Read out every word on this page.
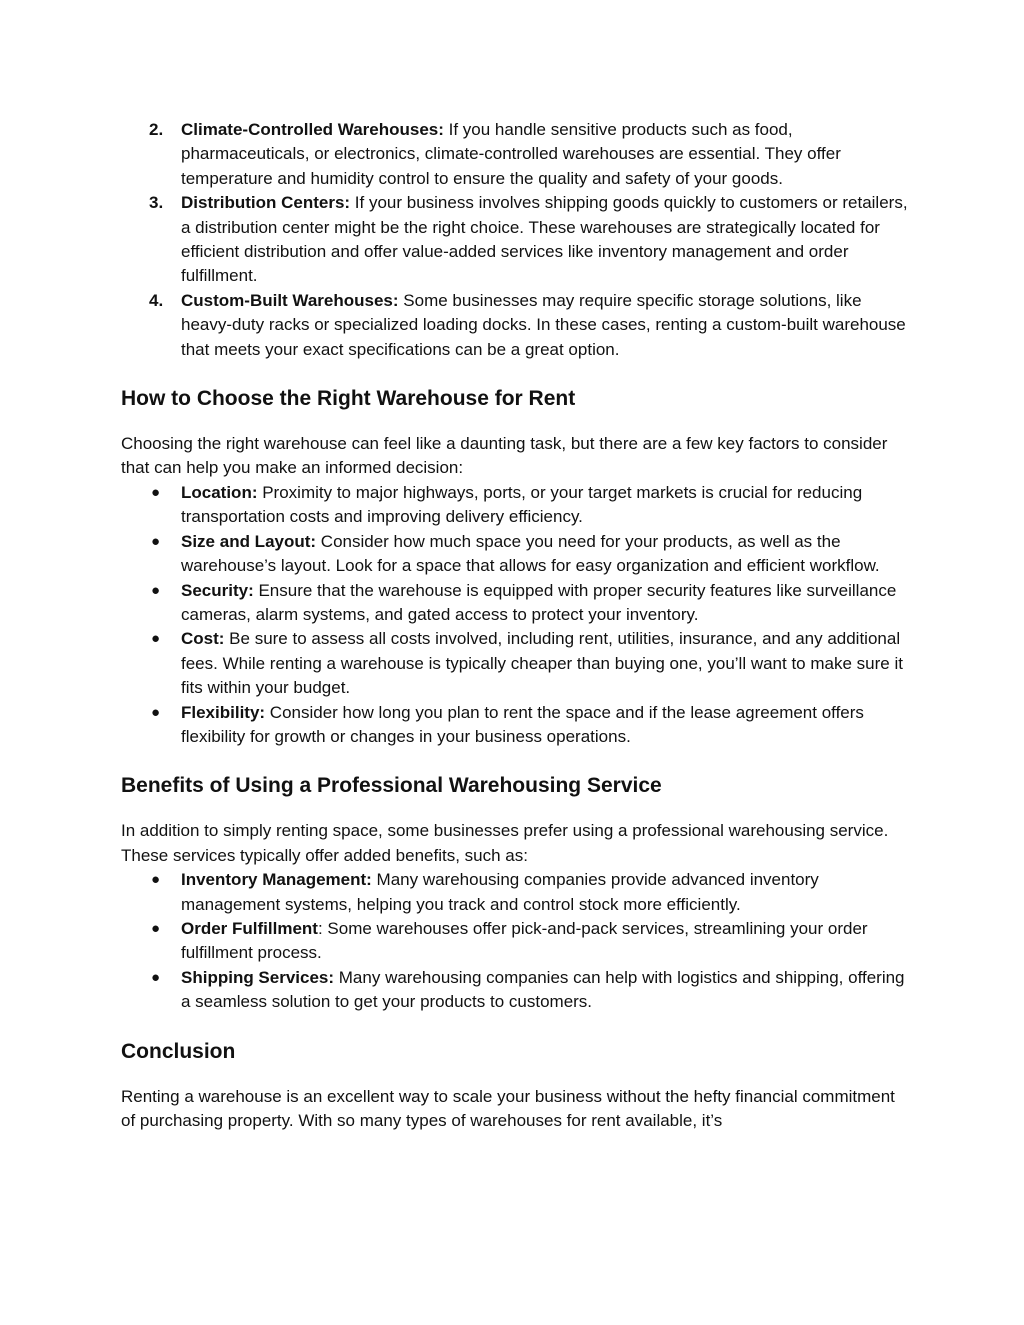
2. Climate-Controlled Warehouses: If you handle sensitive products such as food, pharmaceuticals, or electronics, climate-controlled warehouses are essential. They offer temperature and humidity control to ensure the quality and safety of your goods.
3. Distribution Centers: If your business involves shipping goods quickly to customers or retailers, a distribution center might be the right choice. These warehouses are strategically located for efficient distribution and offer value-added services like inventory management and order fulfillment.
4. Custom-Built Warehouses: Some businesses may require specific storage solutions, like heavy-duty racks or specialized loading docks. In these cases, renting a custom-built warehouse that meets your exact specifications can be a great option.
How to Choose the Right Warehouse for Rent

Choosing the right warehouse can feel like a daunting task, but there are a few key factors to consider that can help you make an informed decision:

● Location: Proximity to major highways, ports, or your target markets is crucial for reducing transportation costs and improving delivery efficiency.
● Size and Layout: Consider how much space you need for your products, as well as the warehouse’s layout. Look for a space that allows for easy organization and efficient workflow.
● Security: Ensure that the warehouse is equipped with proper security features like surveillance cameras, alarm systems, and gated access to protect your inventory.
● Cost: Be sure to assess all costs involved, including rent, utilities, insurance, and any additional fees. While renting a warehouse is typically cheaper than buying one, you’ll want to make sure it fits within your budget.
● Flexibility: Consider how long you plan to rent the space and if the lease agreement offers flexibility for growth or changes in your business operations.
Benefits of Using a Professional Warehousing Service

In addition to simply renting space, some businesses prefer using a professional warehousing service. These services typically offer added benefits, such as:

● Inventory Management: Many warehousing companies provide advanced inventory management systems, helping you track and control stock more efficiently.
● Order Fulfillment: Some warehouses offer pick-and-pack services, streamlining your order fulfillment process.
● Shipping Services: Many warehousing companies can help with logistics and shipping, offering a seamless solution to get your products to customers.
Conclusion

Renting a warehouse is an excellent way to scale your business without the hefty financial commitment of purchasing property. With so many types of warehouses for rent available, it’s
